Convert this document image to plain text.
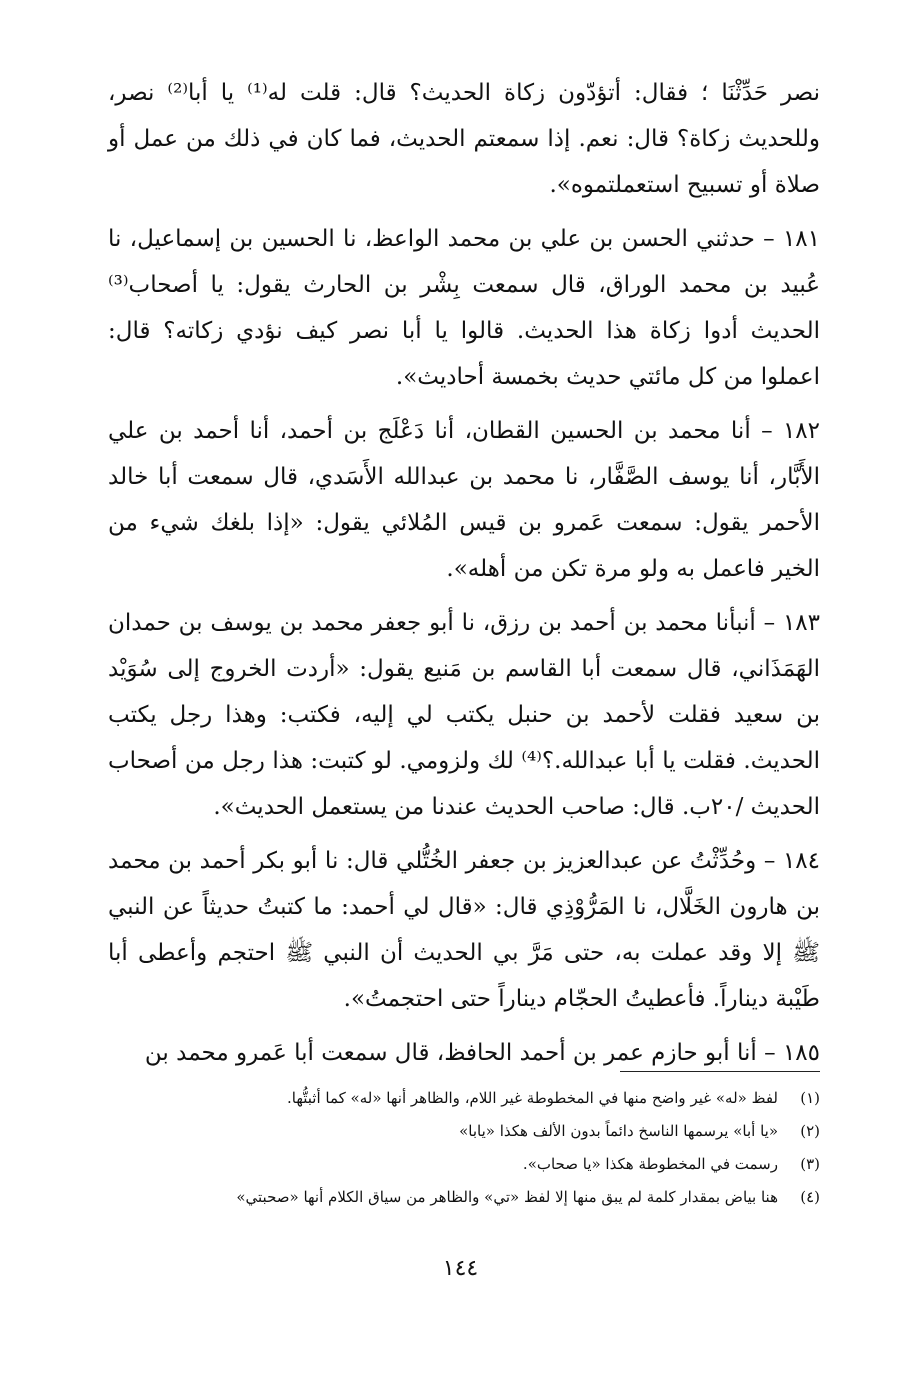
نصر حَدِّثْنَا ؛ فقال: أتؤدّون زكاة الحديث؟ قال: قلت له⁽¹⁾ يا أبا⁽²⁾ نصر، وللحديث زكاة؟ قال: نعم. إذا سمعتم الحديث، فما كان في ذلك من عمل أو صلاة أو تسبيح استعملتموه».

١٨١ – حدثني الحسن بن علي بن محمد الواعظ، نا الحسين بن إسماعيل، نا عُبيد بن محمد الوراق، قال سمعت بِشْر بن الحارث يقول: يا أصحاب⁽³⁾ الحديث أدوا زكاة هذا الحديث. قالوا يا أبا نصر كيف نؤدي زكاته؟ قال: اعملوا من كل مائتي حديث بخمسة أحاديث».

١٨٢ – أنا محمد بن الحسين القطان، أنا دَعْلَج بن أحمد، أنا أحمد بن علي الأَبَّار، أنا يوسف الصَّفَّار، نا محمد بن عبدالله الأَسَدي، قال سمعت أبا خالد الأحمر يقول: سمعت عَمرو بن قيس المُلائي يقول: «إذا بلغك شيء من الخير فاعمل به ولو مرة تكن من أهله».

١٨٣ – أنبأنا محمد بن أحمد بن رزق، نا أبو جعفر محمد بن يوسف بن حمدان الهَمَذَاني، قال سمعت أبا القاسم بن مَنيع يقول: «أردت الخروج إلى سُوَيْد بن سعيد فقلت لأحمد بن حنبل يكتب لي إليه، فكتب: وهذا رجل يكتب الحديث. فقلت يا أبا عبدالله.؟⁽⁴⁾ لك ولزومي. لو كتبت: هذا رجل من أصحاب الحديث /٢٠ب. قال: صاحب الحديث عندنا من يستعمل الحديث».

١٨٤ – وحُدِّثْتُ عن عبدالعزيز بن جعفر الخُتُّلي قال: نا أبو بكر أحمد بن محمد بن هارون الخَلَّال، نا المَرُّوْذِي قال: «قال لي أحمد: ما كتبتُ حديثاً عن النبي ﷺ إلا وقد عملت به، حتى مَرَّ بي الحديث أن النبي ﷺ احتجم وأعطى أبا طَيْبة ديناراً. فأعطيتُ الحجّام ديناراً حتى احتجمتُ».

١٨٥ – أنا أبو حازم عمر بن أحمد الحافظ، قال سمعت أبا عَمرو محمد بن

(١)
لفظ «له» غير واضح منها في المخطوطة غير اللام، والظاهر أنها «له» كما أثبتُّها.
(٢)
«يا أبا» يرسمها الناسخ دائماً بدون الألف هكذا «يابا»
(٣)
رسمت في المخطوطة هكذا «يا صحاب».
(٤)
هنا بياض بمقدار كلمة لم يبق منها إلا لفظ «تي» والظاهر من سياق الكلام أنها «صحبتي»
١٤٤
